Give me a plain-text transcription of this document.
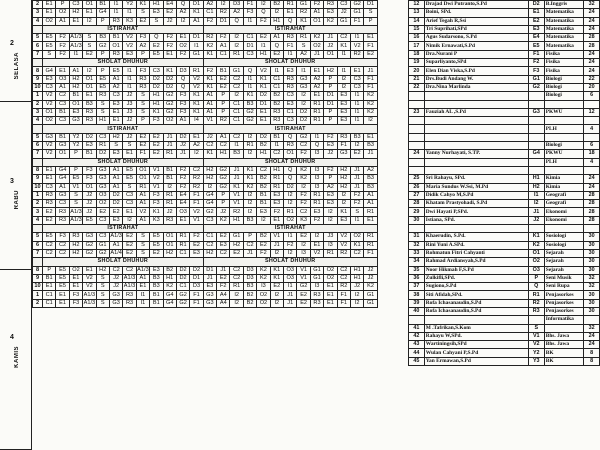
2
SELASA
3
RABU
4
KAMIS
2	E1	P	C3	O1	B1	I1	Y2	K1	H1	E4	Q	D1	A2	I2	D3	F1	I2	B2	R1	G1	F2	R3	C3	G2	D1
3	E1	O2	H2	E1	G4	I1	I1	S	E3	E2	A2	K1	C1	R2	A2	F3	Q	I2	E1	R2	A1	E3	J2	G1	S
4	O2	A1	E1	I2	P	R3	K3	E2	S	J2	I2	A1	F2	D1	Q	I1	F2	H1	Q	K1	O1	K2	G1	F1	P
	ISTIRAHAT												ISTIRAHAT												
5	E5	F2	A1/3	S	B3	B1	V2	F3	Q	F2	E1	D1	R2	F2	I2	C1	E2	A1	R3	R1	K2	J1	C2	I1	E1
6	E5	F2	A1/3	S	G2	O1	V2	A2	E2	F2	O2	I1	K2	A1	I2	D1	I1	Q	F1	S	O2	J2	K1	V2	F1
7	S	F2	I1	E2	P	R3	E3	P	E5	E1	F2	G1	K1	C1	R1	C3	H1	E2	I1	A2	J1	O1	I1	R2	E2
	SHOLAT DHUHUR												SHOLAT DHUHUR												
8	G4	E1	A1	I2	P	E5	I1	F3	C3	K1	D3	R1	F2	B1	G1	Q	V2	I1	E3	I1	E1	H2	I1	E1	J1
9	E3	O3	H2	O1	E5	A1	I1	R3	D2	D2	Q	V2	K1	E2	C2	I1	K1	C1	R3	G3	A2	P	I2	C3	F1
10	C3	A1	H2	O1	E5	A2	I1	R3	D2	D2	Q	V2	K1	E2	C2	I1	K1	C1	R3	G3	A2	P	I2	C3	F1
1	V2	C2	B1	E1	R3	C3	J2	S	H1	G2	F3	K1	A1	P	I2	K1	D2	B2	C3	I2	E1	D1	E3	I1	K2
2	V2	C3	O1	B3	S	E3	J3	S	H1	G2	F3	K1	A1	P	C1	B3	D1	B2	E3	I2	R1	D1	E3	I1	K2
3	O1	B1	E3	R3	S	E1	J3	S	K1	G2	F3	K1	A1	P	C1	G2	E1	R3	C1	D2	R1	P	E3	I1	K2
4	O2	C3	G3	R3	H1	E1	J2	P	F3	O2	A1	I4	V1	R2	C1	G2	E1	R3	C3	D2	R1	P	E3	I1	I2
	ISTIRAHAT												ISTIRAHAT												
5	G3	B1	Y2	D2	C3	H2	J2	E2	E2	J1	D2	E1	J2	A1	C2	I2	D2	B1	Q	G2	I1	F2	R3	B3	E1
6	V2	G3	Y2	E3	R1	S	S	E2	E2	J1	J2	A2	C2	C2	I1	R1	B2	I1	R3	C2	Q	E3	F1	I2	B3
7	V2	O1	P	B1	D2	E3	E1	F1	E2	R1	J1	I2	K1	H1	B3	I2	H1	C2	O1	F2	I3	J2	G3	E2	J1
	SHOLAT DHUHUR												SHOLAT DHUHUR												
8	E1	G4	P	F3	G3	A1	E5	O1	V1	B1	F2	C2	H2	G2	J1	K1	C2	H1	Q	K2	I3	F2	H2	J1	A2
9	E1	G4	E5	F3	G3	A1	E5	O1	V2	B1	F2	R2	H2	G2	J1	K1	B2	R1	Q	K2	I3	P	H2	J1	B3
10	C3	A1	V1	O1	G3	A1	S	R1	V1	I2	F2	R2	I2	G2	K1	K2	B2	R1	D2	I2	I3	A2	H2	J1	B3
1	R3	G3	S	J2	O3	D2	C3	A1	F3	R1	E4	F1	G4	P	V1	I2	B1	E3	I2	F2	R1	E3	I2	F2	A1
2	R3	C3	S	J2	O2	D2	C3	A1	F3	R1	E4	F1	G4	P	V1	I2	B1	E3	I2	F2	R1	E3	I2	F2	A1
3	E2	R3	A1/3	J2	E2	E2	E1	V2	K1	J2	O3	V2	G2	J2	R2	I2	E3	F2	R1	C2	E3	I2	K1	S	R1
4	E2	R3	A1/3	E5	C3	E3	I2	A1	K3	R3	E1	V1	C3	K2	H1	B3	I2	E1	O2	K3	F2	I2	E3	I1	E1
	ISTIRAHAT												ISTIRAHAT												
5	E5	F3	R3	G3	C3	A1/3	E2	S	E5	O1	R1	F2	C1	E2	G1	P	B2	V1	I1	E2	I2	J3	V2	O2	R1
6	C2	C2	H2	G2	G1	A1	E2	S	E5	O1	R1	E2	C2	E3	H2	C2	E2	J1	F2	I2	E1	I3	V2	K1	R1
7	C2	C2	H2	G2	G2	A1/4	E2	S	E2	H2	C1	E3	H2	C2	E2	J1	F2	I2	I2	I3	V2	R1	R2	C2	F1
	SHOLAT DHUHUR												SHOLAT DHUHUR												
8	P	E5	O2	E1	H2	C2	C2	A1/3	E3	B2	D2	D2	D1	J1	C2	D3	K2	K1	O3	V1	G1	O2	C2	H1	J2
9	B1	E5	E1	V2	S	J2	A1/3	A1	B3	H1	D2	D1	J1	E2	C2	D3	K2	K1	O3	V1	G1	O2	C2	H1	J2
10	E1	E5	E1	V2	S	J2	A1/3	E1	B3	K2	C1	D3	E3	F2	R1	B3	I3	E2	I1	G2	I3	E1	R2	J2	K2
1	C1	E1	F3	A1/3	S	G3	R3	I1	B1	G4	G2	F1	G3	A4	I2	B2	O2	I2	J1	E2	R3	E1	F1	I2	G1
2	C1	E1	F3	A1/3	S	G3	R3	I1	B1	G4	G2	F1	G3	A4	I2	B2	O2	I2	J1	E2	R3	E1	F1	I2	G1
12	Drajad Dwi Putranto,S.Pd	D2	B.Inggris	32
13	Boini, SPd.	E1	Matematika	24
14	Arief Tegah R,Ssi	E2	Matematika	24
15	Tri Suprihati,SPd	E3	Matematika	24
16	Agus Sudarsono, S.Pd	E4	Matematika	28
17	Nimik Ernawati,S.Pd	E5	Matematika	28
18	Dra.Nurani P	F1	Fisika	24
19	Suparliyanto,SPd	F2	Fisika	24
20	Elen Dian Viska,S.Pd	F3	Fisika	24
21	Drs.Budi Andang W.	G1	Biologi	22
22	Dra.Nina Marlinda	G2	Biologi	20
			Biologi	6

23	Fauziah AL ,S.Pd	G3	PKWU	12

			PLH	4

			Biologi	6
24	Yanny Nurhayati, S.TP.	G4	PKWU	18
			PLH	4

25	Sri Rahayu, SPd.	H1	Kimia	24
26	Maria Sundus W.Ssi, M.Pd	H2	Kimia	24
27	Didik Cahyo M,S.Pd	I1	Geografi	28
28	Khatam Prastyohadi, S.Pd	I2	Geografi	28
29	Dwi Hayati P,SPd.	J1	Ekonomi	28
30	Istiana, SPd.	J2	Ekonomi	28

31	Khaerudin, S.Pd.	K1	Sosiologi	30
32	Rini Yuni A.SPd.	K2	Sosiologi	30
33	Rohmatun Fitri Cahyanti	O1	Sejarah	30
34	Rahmad Ardiansyah,S.Pd	O2	Sejarah	30
35	Noor Hikmah F,S.Pd	O3	Sejarah	30
36	Zulkifli,SPd.	P	Seni Musik	32
37	Sugiono,S.Pd	Q	Seni Rupa	32
38	Siti Afidah,SPd.	R1	Penjasorkes	30
39	Rofa Ichasanaudin,S.Pd	R2	Penjasorkes	30
40	Rofa Ichasanaudin,S.Pd	R3	Penjasorkes	30
			Informatika	
41	M .Tafrikan,S.Kom	S		32
42	Rahayu W,SPd.	V1	Bhs. Jawa	24
43	Wartiningsih,SPd	V2	Bhs. Jawa	24
44	Wulan Cahyani P,S.Pd	Y2	BK	8
45	Yan Ermawan,S.Pd	Y3	BK	8
